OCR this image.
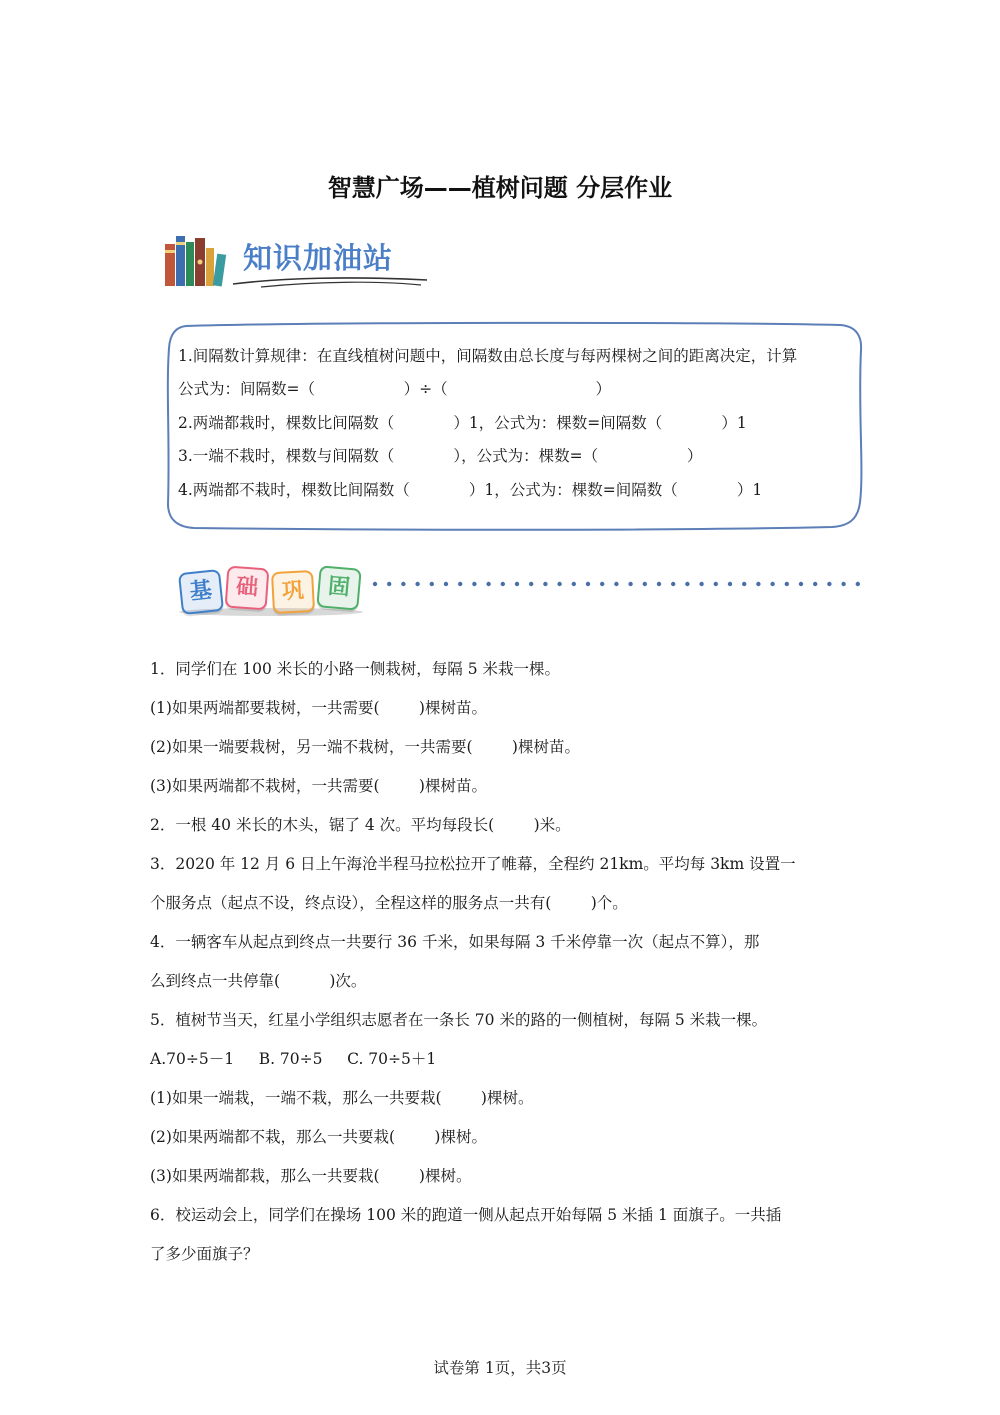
智慧广场——植树问题 分层作业
知识加油站
1.间隔数计算规律：在直线植树问题中，间隔数由总长度与每两棵树之间的距离决定，计算
公式为：间隔数=（                  ）÷（                              ）
2.两端都栽时，棵数比间隔数（            ）1，公式为：棵数=间隔数（            ）1
3.一端不栽时，棵数与间隔数（            ），公式为：棵数=（                  ）
4.两端都不栽时，棵数比间隔数（            ）1，公式为：棵数=间隔数（            ）1
基 础	巩	固
1．同学们在 100 米长的小路一侧栽树，每隔 5 米栽一棵。
(1)如果两端都要栽树，一共需要(        )棵树苗。
(2)如果一端要栽树，另一端不栽树，一共需要(        )棵树苗。
(3)如果两端都不栽树，一共需要(        )棵树苗。
2．一根 40 米长的木头，锯了 4 次。平均每段长(        )米。
3．2020 年 12 月 6 日上午海沧半程马拉松拉开了帷幕，全程约 21km。平均每 3km 设置一
个服务点（起点不设，终点设），全程这样的服务点一共有(        )个。
4．一辆客车从起点到终点一共要行 36 千米，如果每隔 3 千米停靠一次（起点不算），那
么到终点一共停靠(          )次。
5．植树节当天，红星小学组织志愿者在一条长 70 米的路的一侧植树，每隔 5 米栽一棵。
A.70÷5－1     B. 70÷5     C. 70÷5＋1
(1)如果一端栽，一端不栽，那么一共要栽(        )棵树。
(2)如果两端都不栽，那么一共要栽(        )棵树。
(3)如果两端都栽，那么一共要栽(        )棵树。
6．校运动会上，同学们在操场 100 米的跑道一侧从起点开始每隔 5 米插 1 面旗子。一共插
了多少面旗子？
试卷第 1页，共3页
